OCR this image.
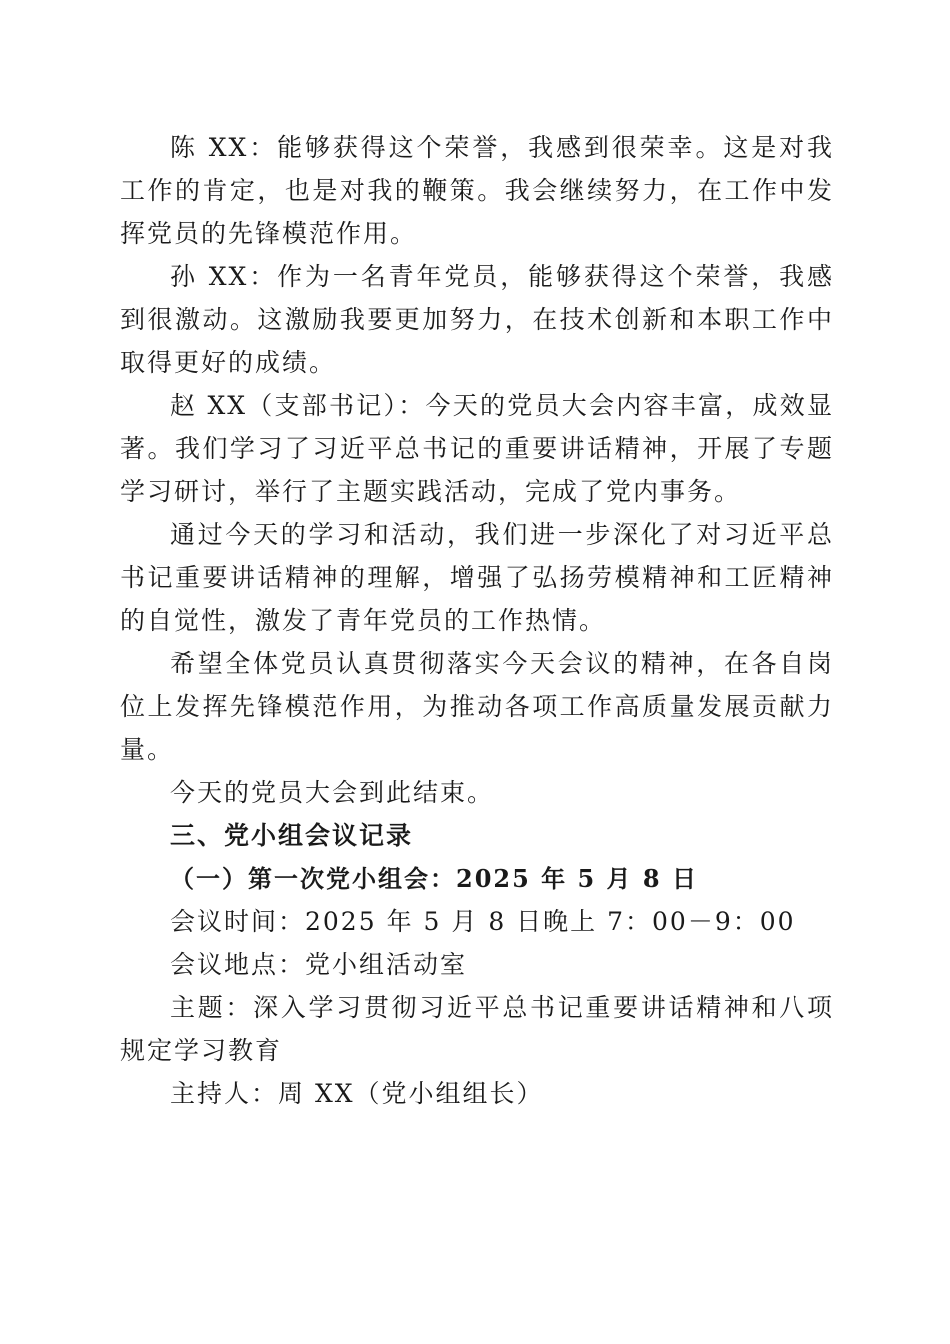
陈 XX：能够获得这个荣誉，我感到很荣幸。这是对我工作的肯定，也是对我的鞭策。我会继续努力，在工作中发挥党员的先锋模范作用。

孙 XX：作为一名青年党员，能够获得这个荣誉，我感到很激动。这激励我要更加努力，在技术创新和本职工作中取得更好的成绩。

赵 XX（支部书记）：今天的党员大会内容丰富，成效显著。我们学习了习近平总书记的重要讲话精神，开展了专题学习研讨，举行了主题实践活动，完成了党内事务。

通过今天的学习和活动，我们进一步深化了对习近平总书记重要讲话精神的理解，增强了弘扬劳模精神和工匠精神的自觉性，激发了青年党员的工作热情。

希望全体党员认真贯彻落实今天会议的精神，在各自岗位上发挥先锋模范作用，为推动各项工作高质量发展贡献力量。

今天的党员大会到此结束。

三、党小组会议记录

（一）第一次党小组会：2025 年 5 月 8 日

会议时间：2025 年 5 月 8 日晚上 7：00－9：00

会议地点：党小组活动室

主题：深入学习贯彻习近平总书记重要讲话精神和八项规定学习教育

主持人：周 XX（党小组组长）
